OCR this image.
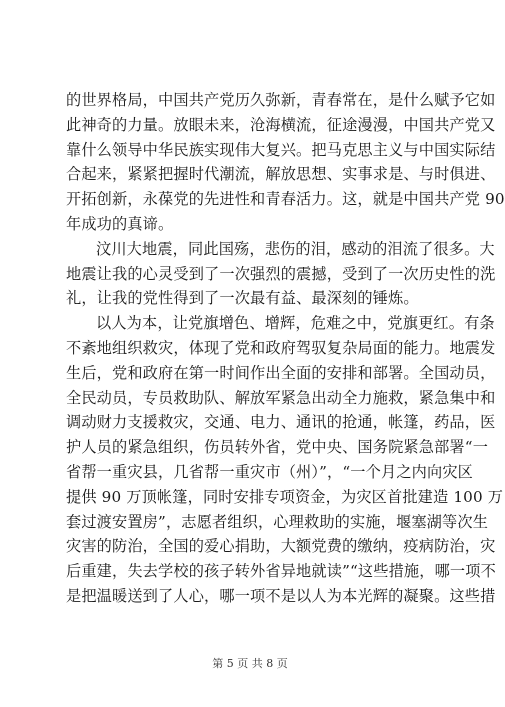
的世界格局，中国共产党历久弥新，青春常在，是什么赋予它如
此神奇的力量。放眼未来，沧海横流，征途漫漫，中国共产党又
靠什么领导中华民族实现伟大复兴。把马克思主义与中国实际结
合起来，紧紧把握时代潮流，解放思想、实事求是、与时俱进、
开拓创新，永葆党的先进性和青春活力。这，就是中国共产党 90
年成功的真谛。
汶川大地震，同此国殇，悲伤的泪，感动的泪流了很多。大
地震让我的心灵受到了一次强烈的震撼，受到了一次历史性的洗
礼，让我的党性得到了一次最有益、最深刻的锤炼。
以人为本，让党旗增色、增辉，危难之中，党旗更红。有条
不紊地组织救灾，体现了党和政府驾驭复杂局面的能力。地震发
生后，党和政府在第一时间作出全面的安排和部署。全国动员，
全民动员，专员救助队、解放军紧急出动全力施救，紧急集中和
调动财力支援救灾，交通、电力、通讯的抢通，帐篷，药品，医
护人员的紧急组织，伤员转外省，党中央、国务院紧急部署“一
省帮一重灾县，几省帮一重灾市（州）”，“一个月之内向灾区
提供 90 万顶帐篷，同时安排专项资金，为灾区首批建造 100 万
套过渡安置房”，志愿者组织，心理救助的实施，堰塞湖等次生
灾害的防治，全国的爱心捐助，大额党费的缴纳，疫病防治，灾
后重建，失去学校的孩子转外省异地就读”“这些措施，哪一项不
是把温暖送到了人心，哪一项不是以人为本光辉的凝聚。这些措
第 5 页 共 8 页
